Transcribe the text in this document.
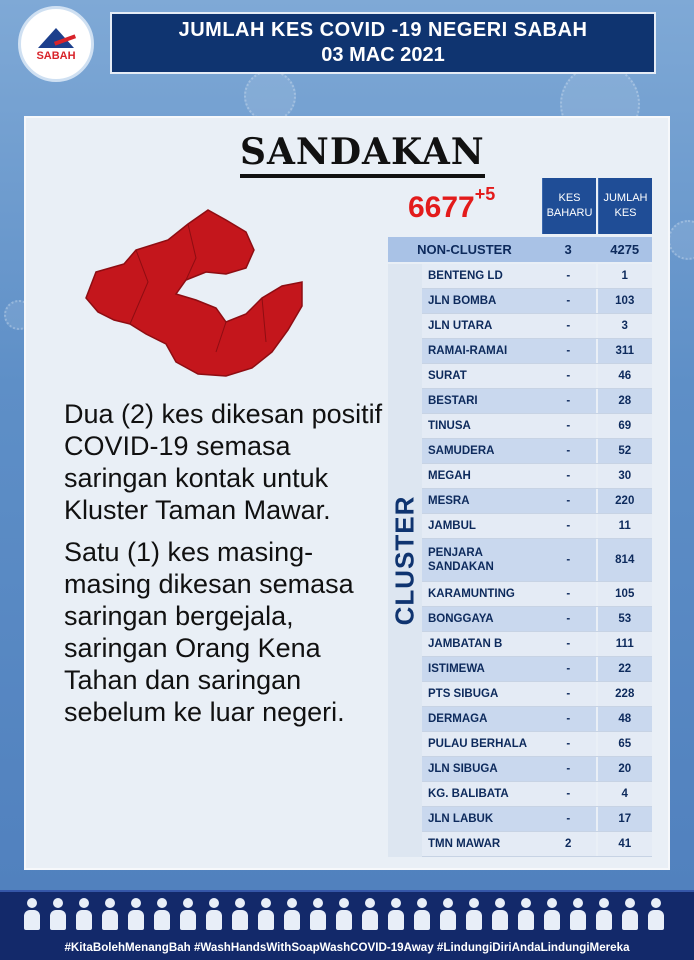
SABAH
JUMLAH KES COVID -19 NEGERI SABAH
03 MAC 2021
SANDAKAN

Dua (2) kes dikesan positif COVID-19 semasa saringan kontak untuk Kluster Taman Mawar.

Satu (1) kes masing-masing dikesan semasa saringan bergejala, saringan Orang Kena Tahan dan saringan sebelum ke luar negeri.

$6677^{+5}$	KES BAHARU
JUMLAH KES
NON-CLUSTER	3	4275
CLUSTER
BENTENG LD	-	1
JLN BOMBA	-	103
JLN UTARA	-	3
RAMAI-RAMAI	-	311
SURAT	-	46
BESTARI	-	28
TINUSA	-	69
SAMUDERA	-	52
MEGAH	-	30
MESRA	-	220
JAMBUL	-	11
PENJARA SANDAKAN
-	814
KARAMUNTING	-	105
BONGGAYA	-	53
JAMBATAN B	-	111
ISTIMEWA	-	22
PTS SIBUGA	-	228
DERMAGA	-	48
PULAU BERHALA	-	65
JLN SIBUGA	-	20
KG. BALIBATA	-	4
JLN LABUK	-	17
TMN MAWAR	2	41
#KitaBolehMenangBah #WashHandsWithSoapWashCOVID-19Away #LindungiDiriAndaLindungiMereka
